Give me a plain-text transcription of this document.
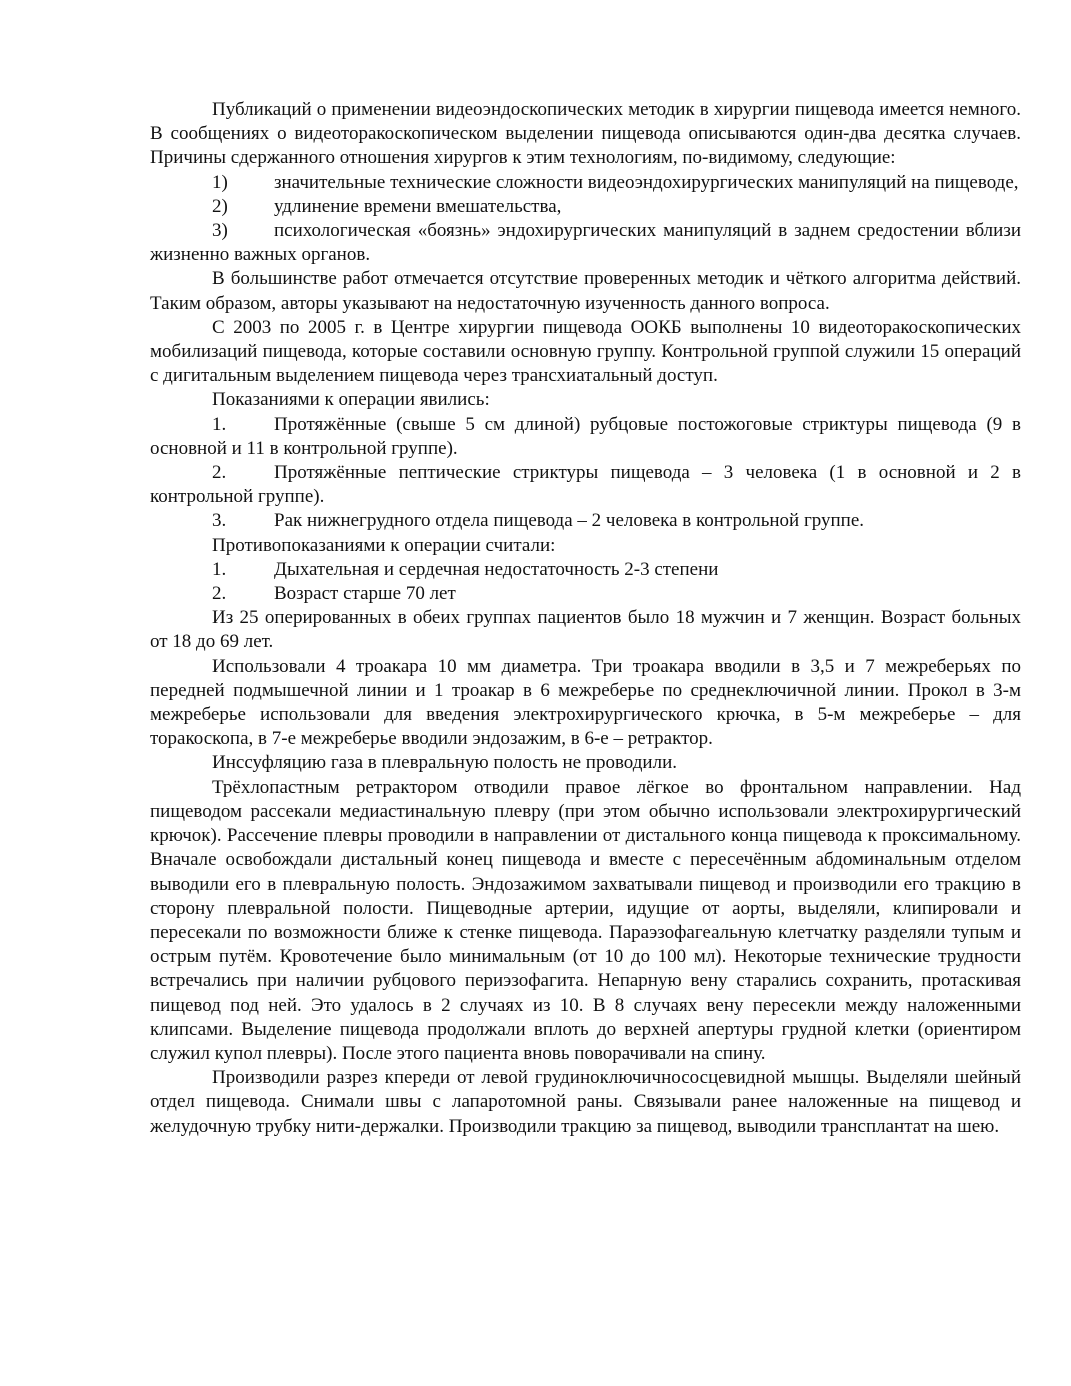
Публикаций о применении видеоэндоскопических методик в хирургии пищевода имеется немного. В сообщениях о видеоторакоскопическом выделении пищевода описываются один-два десятка случаев. Причины сдержанного отношения хирургов к этим технологиям, по-видимому, следующие:

1) значительные технические сложности видеоэндохирургических манипуляций на пищеводе,

2) удлинение времени вмешательства,

3) психологическая «боязнь» эндохирургических манипуляций в заднем средостении вблизи жизненно важных органов.

В большинстве работ отмечается отсутствие проверенных методик и чёткого алгоритма действий. Таким образом, авторы указывают на недостаточную изученность данного вопроса.

С 2003 по 2005 г. в Центре хирургии пищевода ООКБ выполнены 10 видеоторакоскопических мобилизаций пищевода, которые составили основную группу. Контрольной группой служили 15 операций с дигитальным выделением пищевода через трансхиатальный доступ.

Показаниями к операции явились:

1.	Протяжённые (свыше 5 см длиной) рубцовые постожоговые стриктуры пищевода (9 в основной и 11 в контрольной группе).

2.	Протяжённые пептические стриктуры пищевода – 3 человека (1 в основной и 2 в контрольной группе).

3.	Рак нижнегрудного отдела пищевода – 2 человека в контрольной группе.

Противопоказаниями к операции считали:

1.	Дыхательная и сердечная недостаточность 2-3 степени

2.	Возраст старше 70 лет

Из 25 оперированных в обеих группах пациентов было 18 мужчин и 7 женщин. Возраст больных от 18 до 69 лет.

Использовали 4 троакара 10 мм диаметра. Три троакара вводили в 3,5 и 7 межреберьях по передней подмышечной линии и 1 троакар в 6 межреберье по среднеключичной линии. Прокол в 3-м межреберье использовали для введения электрохирургического крючка, в 5-м межреберье – для торакоскопа, в 7-е межреберье вводили эндозажим, в 6-е – ретрактор.

Инссуфляцию газа в плевральную полость не проводили.

Трёхлопастным ретрактором отводили правое лёгкое во фронтальном направлении. Над пищеводом рассекали медиастинальную плевру (при этом обычно использовали электрохирургический крючок). Рассечение плевры проводили в направлении от дистального конца пищевода к проксимальному. Вначале освобождали дистальный конец пищевода и вместе с пересечённым абдоминальным отделом выводили его в плевральную полость. Эндозажимом захватывали пищевод и производили его тракцию в сторону плевральной полости. Пищеводные артерии, идущие от аорты, выделяли, клипировали и пересекали по возможности ближе к стенке пищевода. Параэзофагеальную клетчатку разделяли тупым и острым путём. Кровотечение было минимальным (от 10 до 100 мл). Некоторые технические трудности встречались при наличии рубцового периэзофагита. Непарную вену старались сохранить, протаскивая пищевод под ней. Это удалось в 2 случаях из 10. В 8 случаях вену пересекли между наложенными клипсами. Выделение пищевода продолжали вплоть до верхней апертуры грудной клетки (ориентиром служил купол плевры). После этого пациента вновь поворачивали на спину.

Производили разрез кпереди от левой грудиноключичнососцевидной мышцы. Выделяли шейный отдел пищевода. Снимали швы с лапаротомной раны. Связывали ранее наложенные на пищевод и желудочную трубку нити-держалки. Производили тракцию за пищевод, выводили трансплантат на шею.
